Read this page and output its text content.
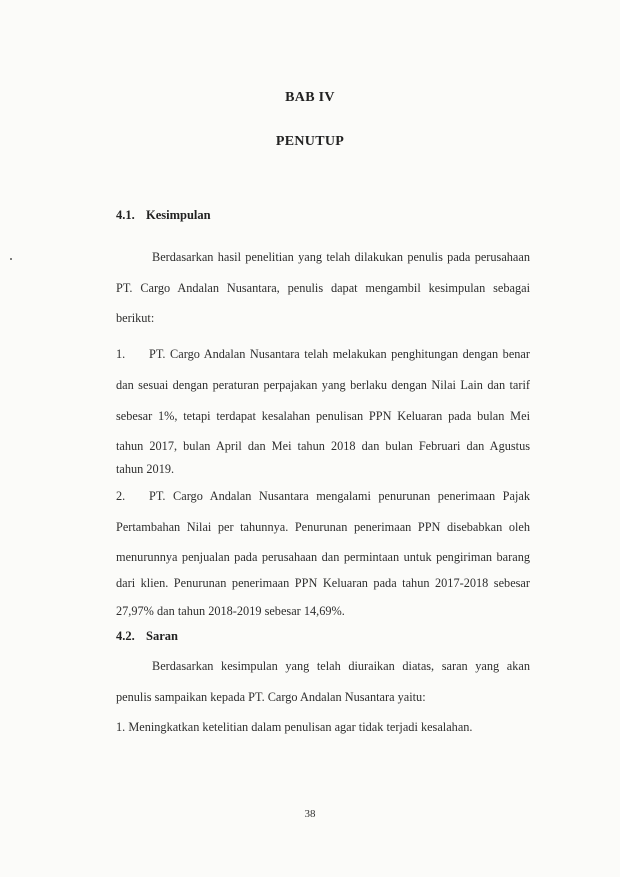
BAB IV
PENUTUP
4.1. Kesimpulan
Berdasarkan hasil penelitian yang telah dilakukan penulis pada perusahaan
PT. Cargo Andalan Nusantara, penulis dapat mengambil kesimpulan sebagai
berikut:
1.	PT. Cargo Andalan Nusantara telah melakukan penghitungan dengan benar
dan sesuai dengan peraturan perpajakan yang berlaku dengan Nilai Lain dan tarif
sebesar 1%, tetapi terdapat kesalahan penulisan PPN Keluaran pada bulan Mei
tahun 2017, bulan April dan Mei tahun 2018 dan bulan Februari dan Agustus
tahun 2019.
2.	PT. Cargo Andalan Nusantara mengalami penurunan penerimaan Pajak
Pertambahan Nilai per tahunnya. Penurunan penerimaan PPN disebabkan oleh
menurunnya penjualan pada perusahaan dan permintaan untuk pengiriman barang
dari klien. Penurunan penerimaan PPN Keluaran pada tahun 2017-2018 sebesar
27,97% dan tahun 2018-2019 sebesar 14,69%.
4.2. Saran
Berdasarkan kesimpulan yang telah diuraikan diatas, saran yang akan
penulis sampaikan kepada PT. Cargo Andalan Nusantara yaitu:
1. Meningkatkan ketelitian dalam penulisan agar tidak terjadi kesalahan.
38
